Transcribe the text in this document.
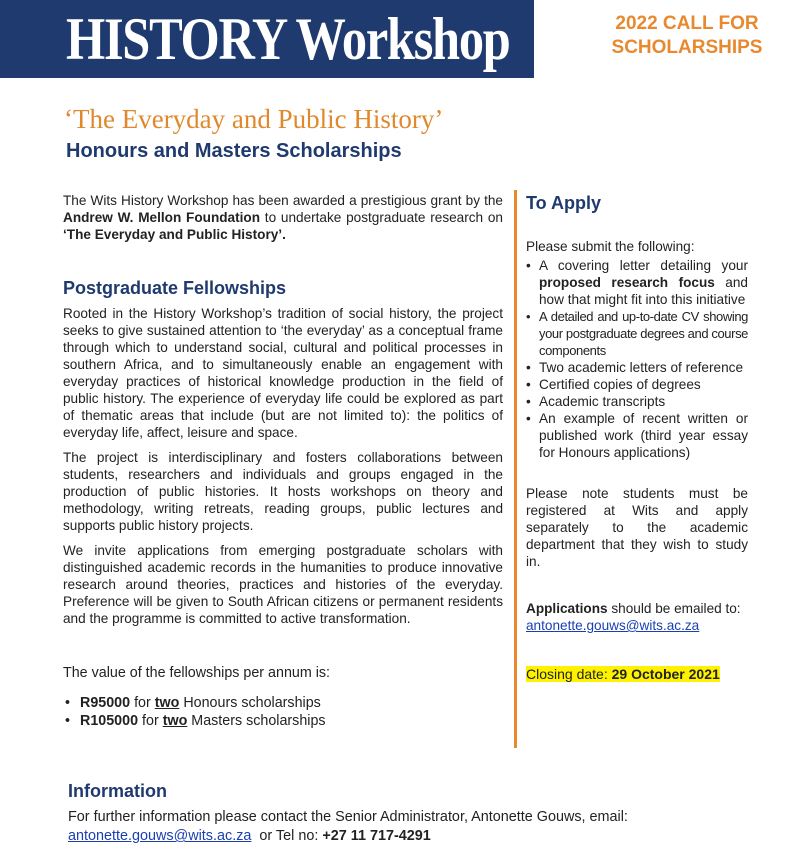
HISTORY Workshop	2022 CALL FOR
SCHOLARSHIPS
‘The Everyday and Public History’
Honours and Masters Scholarships

The Wits History Workshop has been awarded a prestigious grant by the Andrew W. Mellon Foundation to undertake postgraduate research on ‘The Everyday and Public History’.

Postgraduate Fellowships

Rooted in the History Workshop’s tradition of social history, the project seeks to give sustained attention to ‘the everyday’ as a conceptual frame through which to understand social, cultural and political processes in southern Africa, and to simultaneously enable an engagement with everyday practices of historical knowledge production in the field of public history. The experience of everyday life could be explored as part of thematic areas that include (but are not limited to): the politics of everyday life, affect, leisure and space.

The project is interdisciplinary and fosters collaborations between students, researchers and individuals and groups engaged in the production of public histories. It hosts workshops on theory and methodology, writing retreats, reading groups, public lectures and supports public history projects.

We invite applications from emerging postgraduate scholars with distinguished academic records in the humanities to produce innovative research around theories, practices and histories of the everyday. Preference will be given to South African citizens or permanent residents and the programme is committed to active transformation.

The value of the fellowships per annum is:
• R95000 for two Honours scholarships
• R105000 for two Masters scholarships
To Apply
Please submit the following:
• A covering letter detailing your proposed research focus and how that might fit into this initiative
• A detailed and up-to-date CV showing your postgraduate degrees and course components
• Two academic letters of reference
• Certified copies of degrees
• Academic transcripts
• An example of recent written or published work (third year essay for Honours applications)

Please note students must be registered at Wits and apply separately to the academic department that they wish to study in.

Applications should be emailed to: antonette.gouws@wits.ac.za

Closing date: 29 October 2021

Information

For further information please contact the Senior Administrator, Antonette Gouws, email: antonette.gouws@wits.ac.za  or Tel no: +27 11 717-4291
